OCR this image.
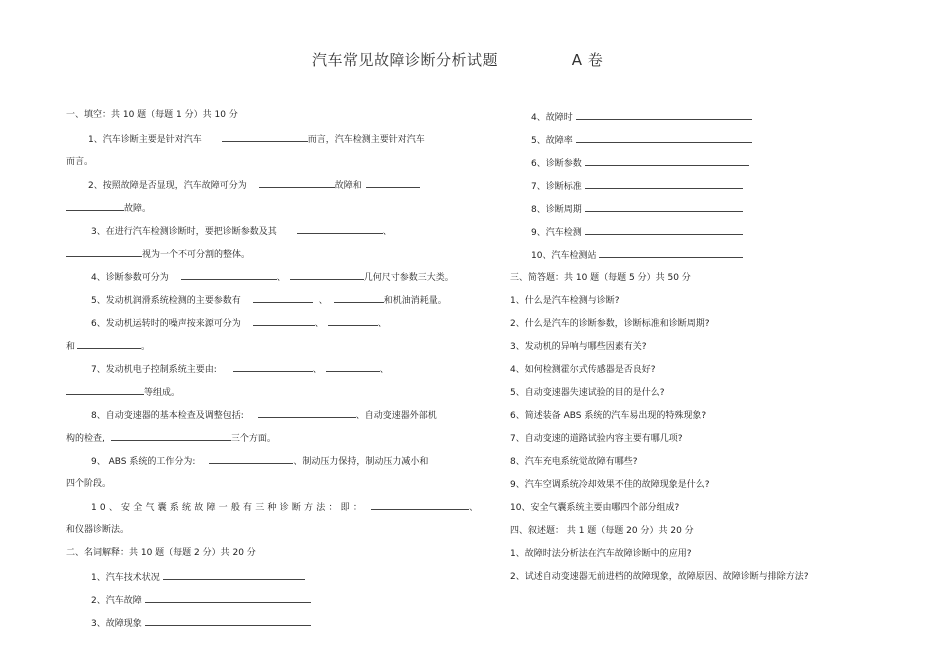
汽车常见故障诊断分析试题              A 卷
一、填空：共 10 题（每题 1 分）共 10 分
1、汽车诊断主要是针对汽车	而言，汽车检测主要针对汽车
而言。
2、按照故障是否显现，汽车故障可分为	故障和
故障。
3、在进行汽车检测诊断时，要把诊断参数及其	、
视为一个不可分割的整体。
4、诊断参数可分为	、	几何尺寸参数三大类。
5、发动机润滑系统检测的主要参数有	、	和机油消耗量。
6、发动机运转时的噪声按来源可分为	、	、
和	。
7、发动机电子控制系统主要由:	、	、
等组成。
8、自动变速器的基本检查及调整包括:	、自动变速器外部机
构的检查,	三个方面。
9、 ABS 系统的工作分为:	、制动压力保持，制动压力减小和
四个阶段。
10、安全气囊系统故障一般有三种诊断方法：即：	、
和仪器诊断法。
二、名词解释：共 10 题（每题 2 分）共 20 分
1、汽车技术状况
2、汽车故障
3、故障现象
4、故障时
5、故障率
6、诊断参数
7、诊断标准
8、诊断周期
9、汽车检测
10、汽车检测站
三、简答题：共 10 题（每题 5 分）共 50 分
1、什么是汽车检测与诊断?
2、什么是汽车的诊断参数，诊断标准和诊断周期?
3、发动机的异响与哪些因素有关?
4、如何检测霍尔式传感器是否良好?
5、自动变速器失速试验的目的是什么?
6、简述装备 ABS 系统的汽车易出现的特殊现象?
7、自动变速的道路试验内容主要有哪几项?
8、汽车充电系统觉故障有哪些?
9、汽车空调系统冷却效果不佳的故障现象是什么?
10、安全气囊系统主要由哪四个部分组成?
四、叙述题： 共 1 题（每题 20 分）共 20 分
1、故障时法分析法在汽车故障诊断中的应用?
2、试述自动变速器无前进档的故障现象，故障原因、故障诊断与排除方法?
